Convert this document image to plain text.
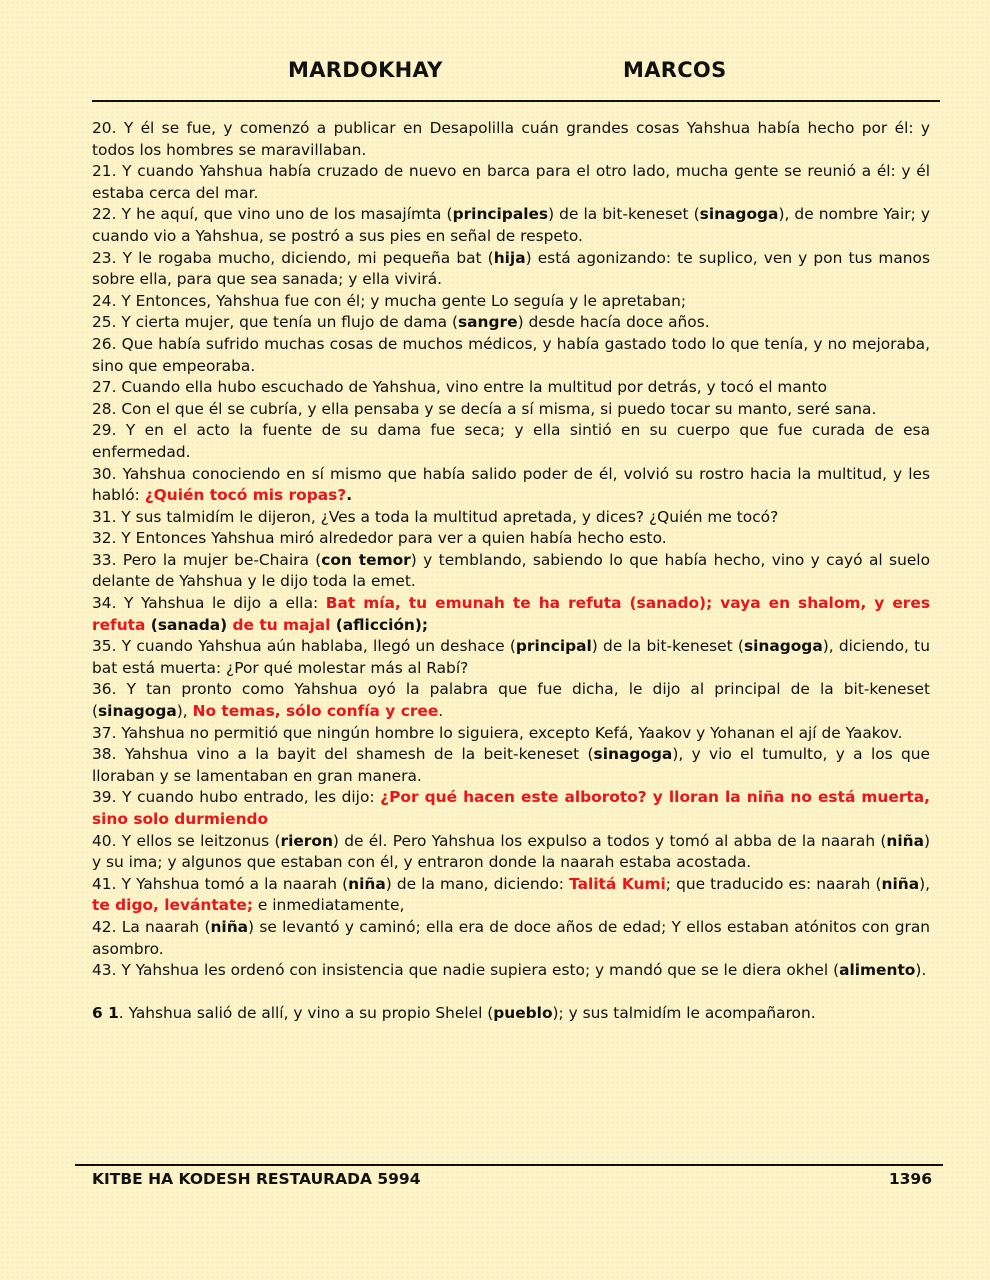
MARDOKHAY	MARCOS

20. Y él se fue, y comenzó a publicar en Desapolilla cuán grandes cosas Yahshua había hecho por él: y todos los hombres se maravillaban.

21. Y cuando Yahshua había cruzado de nuevo en barca para el otro lado, mucha gente se reunió a él: y él estaba cerca del mar.

22. Y he aquí, que vino uno de los masajímta (principales) de la bit-keneset (sinagoga), de nombre Yair; y cuando vio a Yahshua, se postró a sus pies en señal de respeto.

23. Y le rogaba mucho, diciendo, mi pequeña bat (hija) está agonizando: te suplico, ven y pon tus manos sobre ella, para que sea sanada; y ella vivirá.

24. Y Entonces, Yahshua fue con él; y mucha gente Lo seguía y le apretaban;

25. Y cierta mujer, que tenía un flujo de dama (sangre) desde hacía doce años.

26. Que había sufrido muchas cosas de muchos médicos, y había gastado todo lo que tenía, y no mejoraba, sino que empeoraba.

27. Cuando ella hubo escuchado de Yahshua, vino entre la multitud por detrás, y tocó el manto

28. Con el que él se cubría, y ella pensaba y se decía a sí misma, si puedo tocar su manto, seré sana.

29. Y en el acto la fuente de su dama fue seca; y ella sintió en su cuerpo que fue curada de esa enfermedad.

30. Yahshua conociendo en sí mismo que había salido poder de él, volvió su rostro hacia la multitud, y les habló: ¿Quién tocó mis ropas?.

31. Y sus talmidím le dijeron, ¿Ves a toda la multitud apretada, y dices? ¿Quién me tocó?

32. Y Entonces Yahshua miró alrededor para ver a quien había hecho esto.

33. Pero la mujer be-Chaira (con temor) y temblando, sabiendo lo que había hecho, vino y cayó al suelo delante de Yahshua y le dijo toda la emet.

34. Y Yahshua le dijo a ella: Bat mía, tu emunah te ha refuta (sanado); vaya en shalom, y eres refuta (sanada) de tu majal (aflicción);

35. Y cuando Yahshua aún hablaba, llegó un deshace (principal) de la bit-keneset (sinagoga), diciendo, tu bat está muerta: ¿Por qué molestar más al Rabí?

36. Y tan pronto como Yahshua oyó la palabra que fue dicha, le dijo al principal de la bit-keneset (sinagoga), No temas, sólo confía y cree.

37. Yahshua no permitió que ningún hombre lo siguiera, excepto Kefá, Yaakov y Yohanan el ají de Yaakov.

38. Yahshua vino a la bayit del shamesh de la beit-keneset (sinagoga), y vio el tumulto, y a los que lloraban y se lamentaban en gran manera.

39. Y cuando hubo entrado, les dijo: ¿Por qué hacen este alboroto? y lloran la niña no está muerta, sino solo durmiendo

40. Y ellos se leitzonus (rieron) de él. Pero Yahshua los expulso a todos y tomó al abba de la naarah (niña) y su ima; y algunos que estaban con él, y entraron donde la naarah estaba acostada.

41. Y Yahshua tomó a la naarah (niña) de la mano, diciendo: Talitá Kumi; que traducido es: naarah (niña), te digo, levántate; e inmediatamente,

42. La naarah (niña) se levantó y caminó; ella era de doce años de edad; Y ellos estaban atónitos con gran asombro.

43. Y Yahshua les ordenó con insistencia que nadie supiera esto; y mandó que se le diera okhel (alimento).

6 1. Yahshua salió de allí, y vino a su propio Shelel (pueblo); y sus talmidím le acompañaron.

KITBE HA KODESH RESTAURADA 5994	1396
